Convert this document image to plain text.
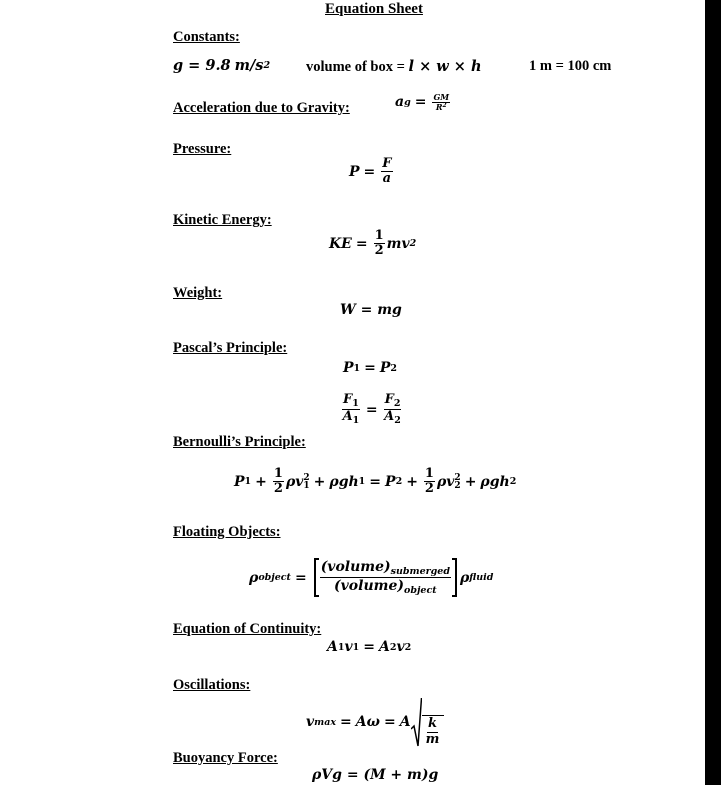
Equation Sheet
Constants:
g = 9.8 m/s 2 volume of box = l × w × h	1 m = 100 cm
Acceleration due to Gravity:	a $g = \frac{GM}{R^2}$
Pressure:
$P = \frac{F}{a}$
Kinetic Energy:
KE = $\frac{1}{2}$ mv 2
Weight:
W = mg
Pascal’s Principle:
P 1 = P 2
$\frac{F_1}{A_1} = \frac{F_2}{A_2}$
Bernoulli’s Principle:
P $1 + \frac{1}{2}$ ρv 2
1 + ρgh 1 = P $2 + \frac{1}{2}$ ρv 2
2 + ρgh 2
Floating Objects:
ρ object =
$(volume)_{submerged}$
$(volume)_{object}$
ρ fluid
Equation of Continuity:
A 1 v 1 = A 2 v 2
Oscillations:
v max = Aω = A $\frac{k}{m}$
Buoyancy Force:
ρVg = (M + m)g
